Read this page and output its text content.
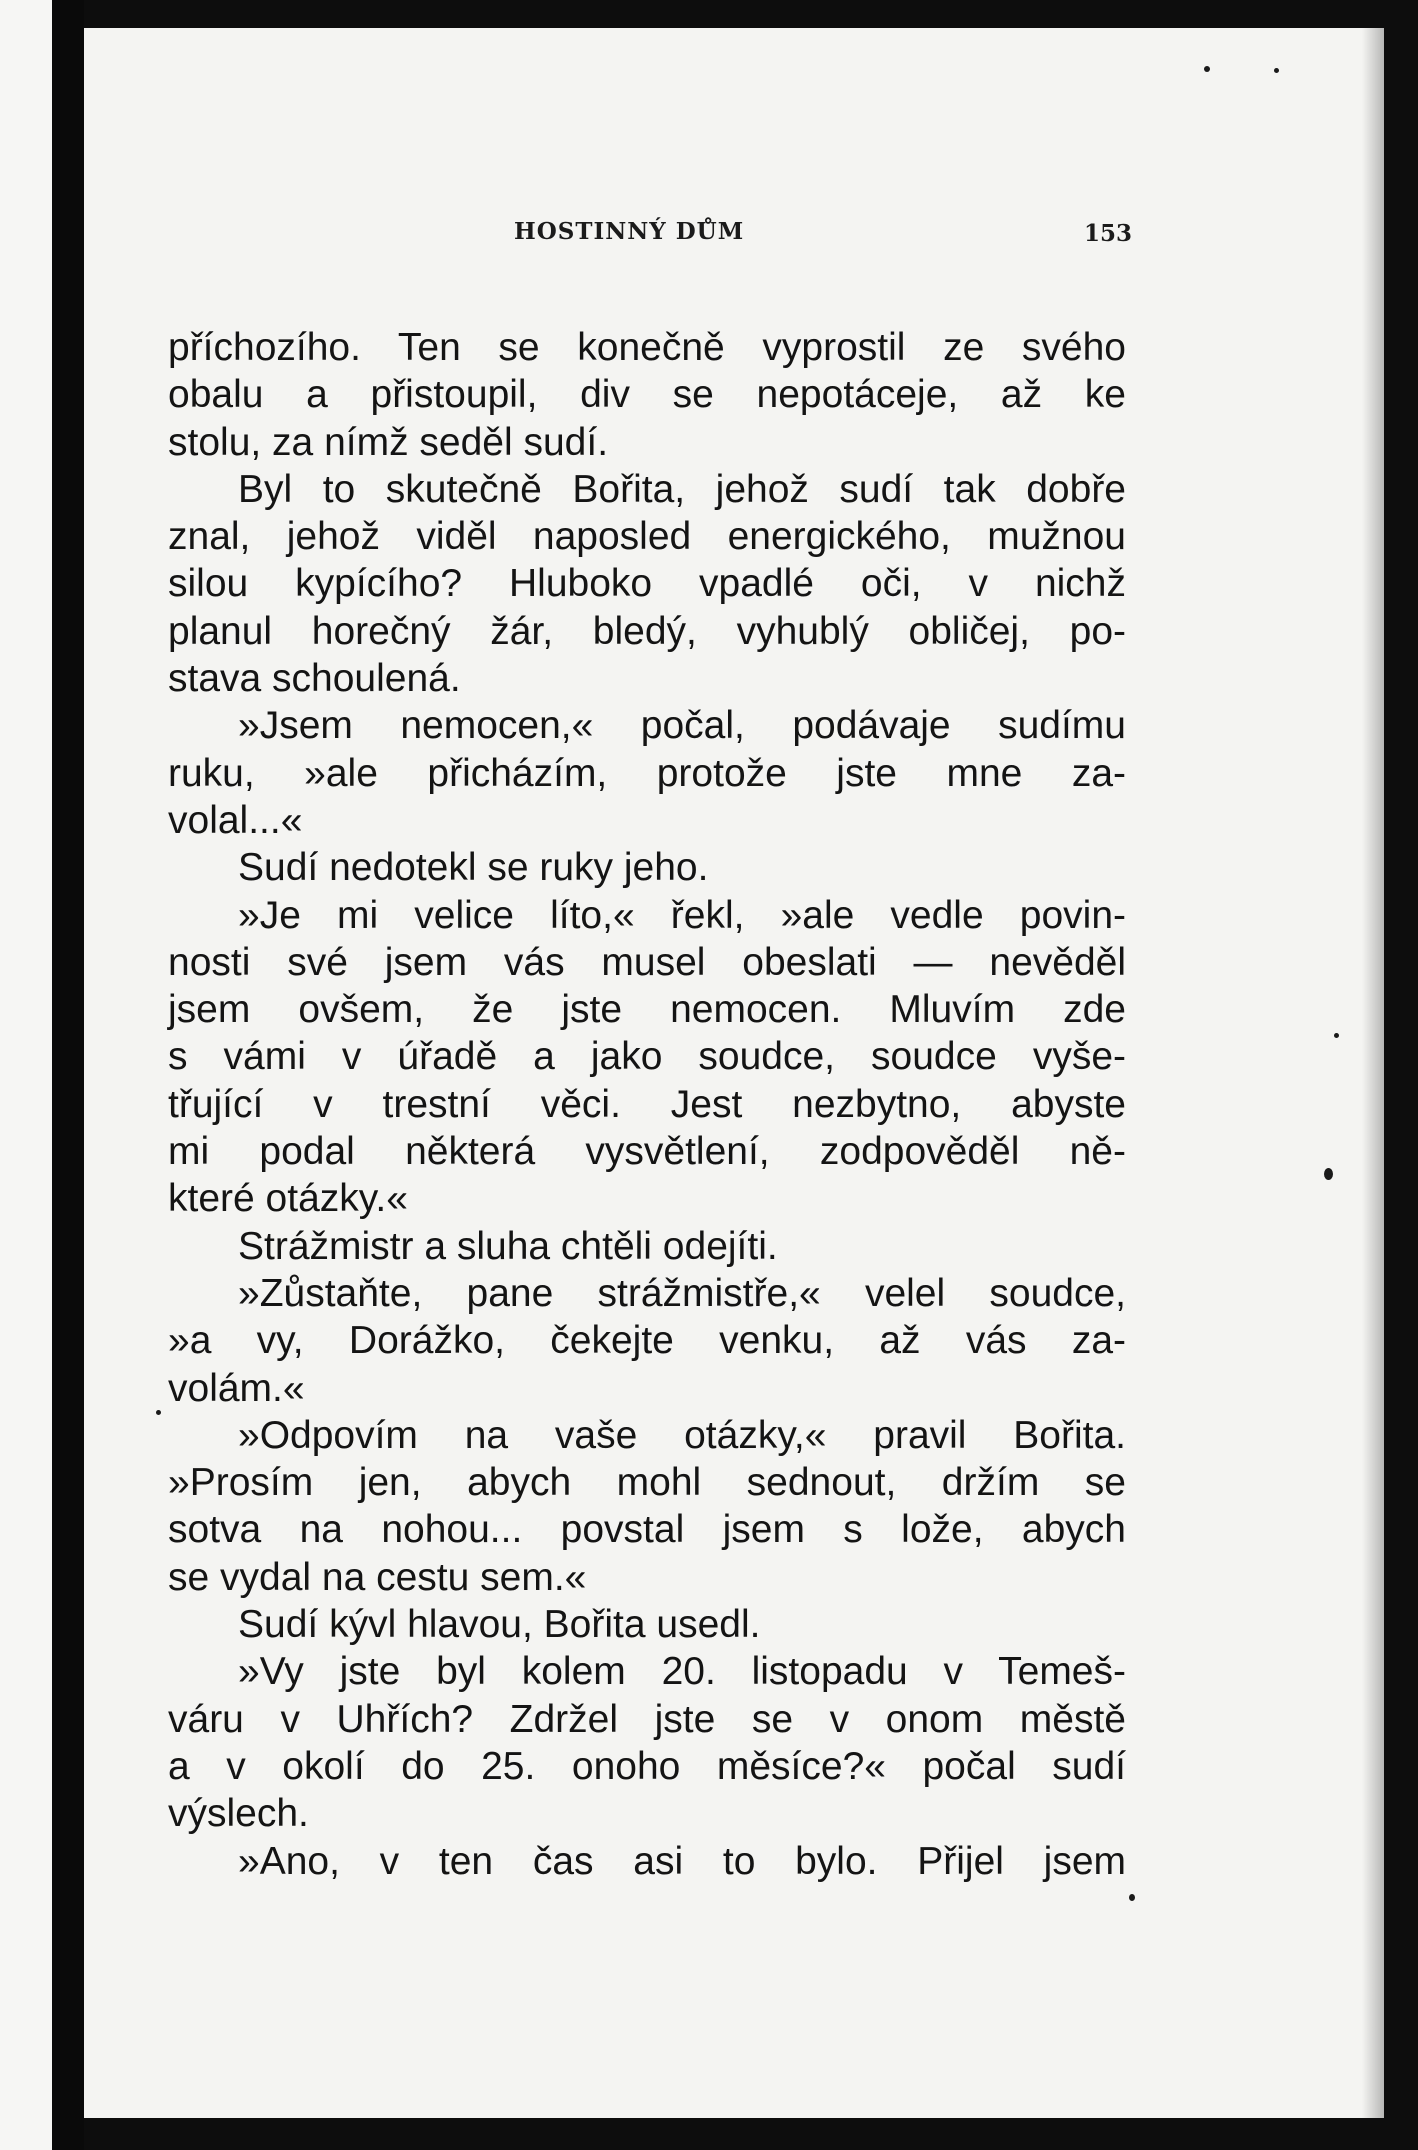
HOSTINNÝ DŮM	153
příchozího. Ten se konečně vyprostil ze svého
obalu a přistoupil, div se nepotáceje, až ke
stolu, za nímž seděl sudí.
Byl to skutečně Bořita, jehož sudí tak dobře
znal, jehož viděl naposled energického, mužnou
silou kypícího? Hluboko vpadlé oči, v nichž
planul horečný žár, bledý, vyhublý obličej, po-
stava schoulená.
»Jsem nemocen,« počal, podávaje sudímu
ruku, »ale přicházím, protože jste mne za-
volal...«
Sudí nedotekl se ruky jeho.
»Je mi velice líto,« řekl, »ale vedle povin-
nosti své jsem vás musel obeslati — nevěděl
jsem ovšem, že jste nemocen. Mluvím zde
s vámi v úřadě a jako soudce, soudce vyše-
třující v trestní věci. Jest nezbytno, abyste
mi podal některá vysvětlení, zodpověděl ně-
které otázky.«
Strážmistr a sluha chtěli odejíti.
»Zůstaňte, pane strážmistře,« velel soudce,
»a vy, Dorážko, čekejte venku, až vás za-
volám.«
»Odpovím na vaše otázky,« pravil Bořita.
»Prosím jen, abych mohl sednout, držím se
sotva na nohou... povstal jsem s lože, abych
se vydal na cestu sem.«
Sudí kývl hlavou, Bořita usedl.
»Vy jste byl kolem 20. listopadu v Temeš-
váru v Uhřích? Zdržel jste se v onom městě
a v okolí do 25. onoho měsíce?« počal sudí
výslech.
»Ano, v ten čas asi to bylo. Přijel jsem
